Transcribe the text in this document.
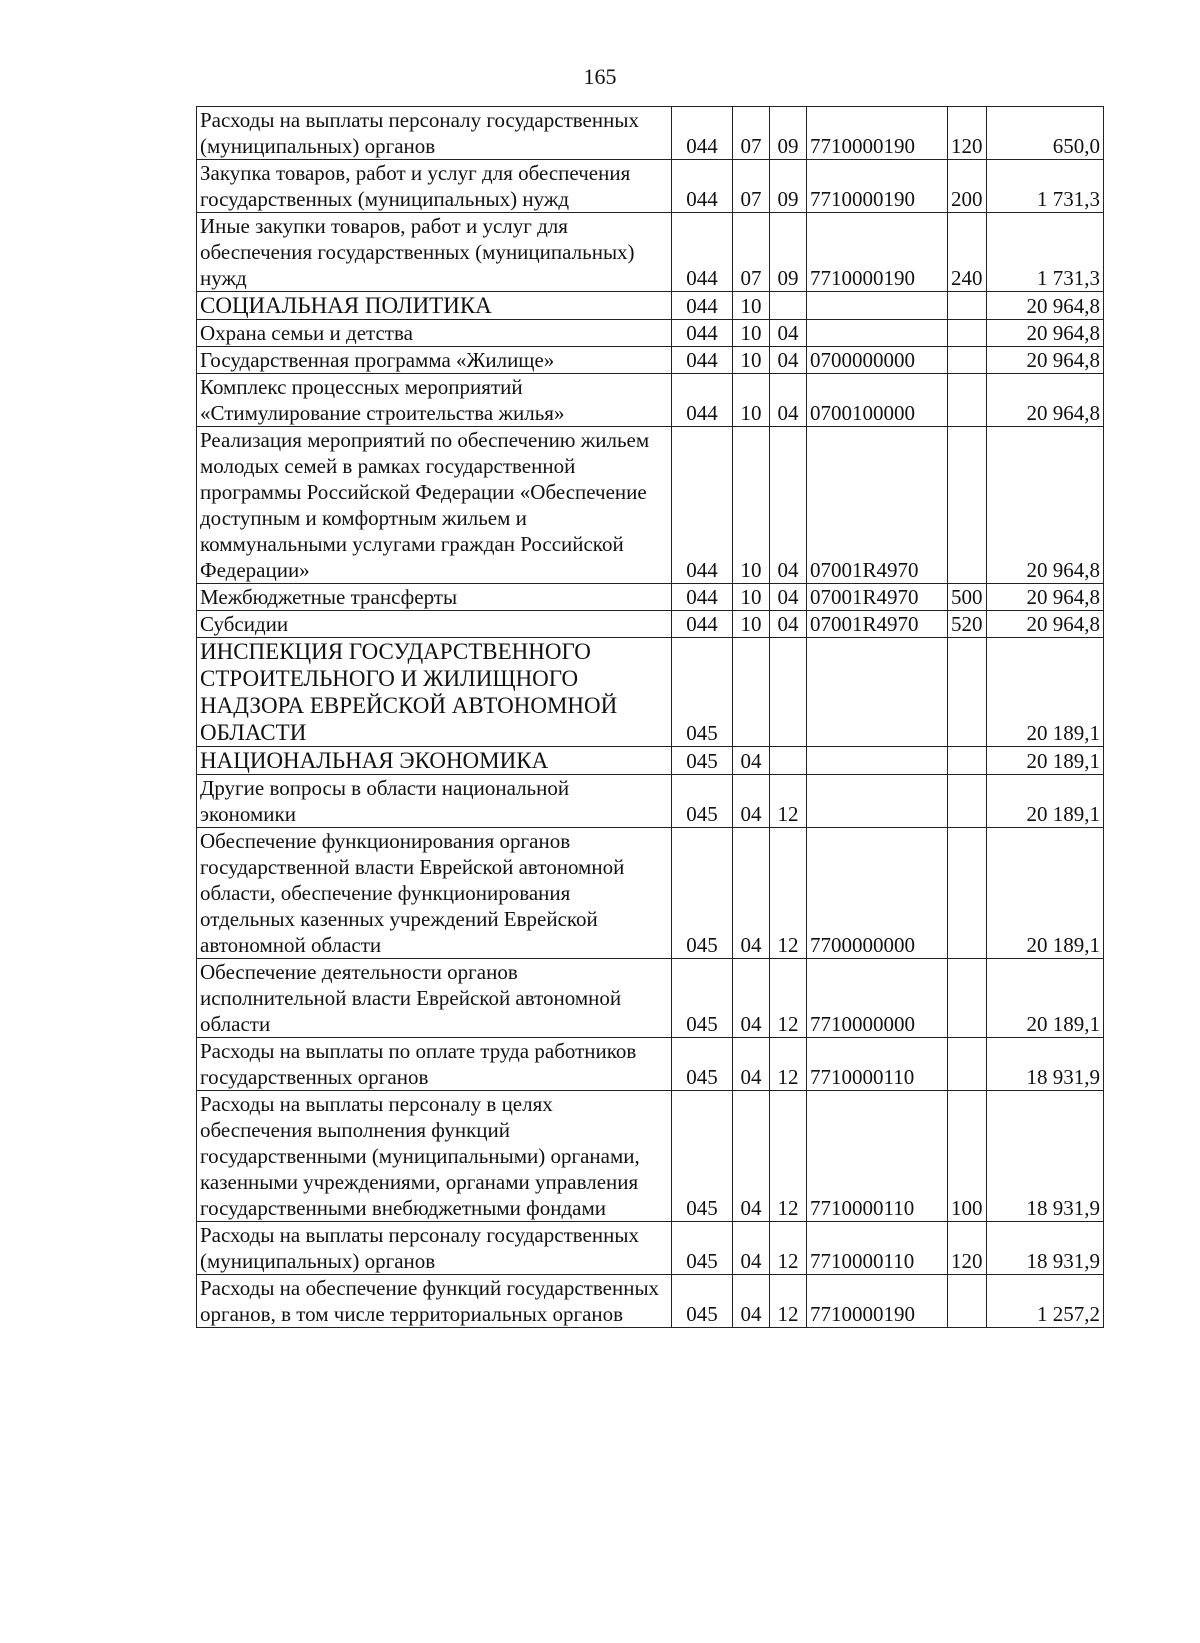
165
Расходы на выплаты персоналу государственных (муниципальных) органов	044	07	09	7710000190	120	650,0
Закупка товаров, работ и услуг для обеспечения государственных (муниципальных) нужд	044	07	09	7710000190	200	1 731,3
Иные закупки товаров, работ и услуг для обеспечения государственных (муниципальных) нужд	044	07	09	7710000190	240	1 731,3
СОЦИАЛЬНАЯ ПОЛИТИКА	044	10				20 964,8
Охрана семьи и детства	044	10	04			20 964,8
Государственная программа «Жилище»	044	10	04	0700000000		20 964,8
Комплекс процессных мероприятий «Стимулирование строительства жилья»	044	10	04	0700100000		20 964,8
Реализация мероприятий по обеспечению жильем молодых семей в рамках государственной программы Российской Федерации «Обеспечение доступным и комфортным жильем и коммунальными услугами граждан Российской Федерации»	044	10	04	07001R4970		20 964,8
Межбюджетные трансферты	044	10	04	07001R4970	500	20 964,8
Субсидии	044	10	04	07001R4970	520	20 964,8
ИНСПЕКЦИЯ ГОСУДАРСТВЕННОГО СТРОИТЕЛЬНОГО И ЖИЛИЩНОГО НАДЗОРА ЕВРЕЙСКОЙ АВТОНОМНОЙ ОБЛАСТИ	045					20 189,1
НАЦИОНАЛЬНАЯ ЭКОНОМИКА	045	04				20 189,1
Другие вопросы в области национальной экономики	045	04	12			20 189,1
Обеспечение функционирования органов государственной власти Еврейской автономной области, обеспечение функционирования отдельных казенных учреждений Еврейской автономной области	045	04	12	7700000000		20 189,1
Обеспечение деятельности органов исполнительной власти Еврейской автономной области	045	04	12	7710000000		20 189,1
Расходы на выплаты по оплате труда работников государственных органов	045	04	12	7710000110		18 931,9
Расходы на выплаты персоналу в целях обеспечения выполнения функций государственными (муниципальными) органами, казенными учреждениями, органами управления государственными внебюджетными фондами	045	04	12	7710000110	100	18 931,9
Расходы на выплаты персоналу государственных (муниципальных) органов	045	04	12	7710000110	120	18 931,9
Расходы на обеспечение функций государственных органов, в том числе территориальных органов	045	04	12	7710000190		1 257,2
